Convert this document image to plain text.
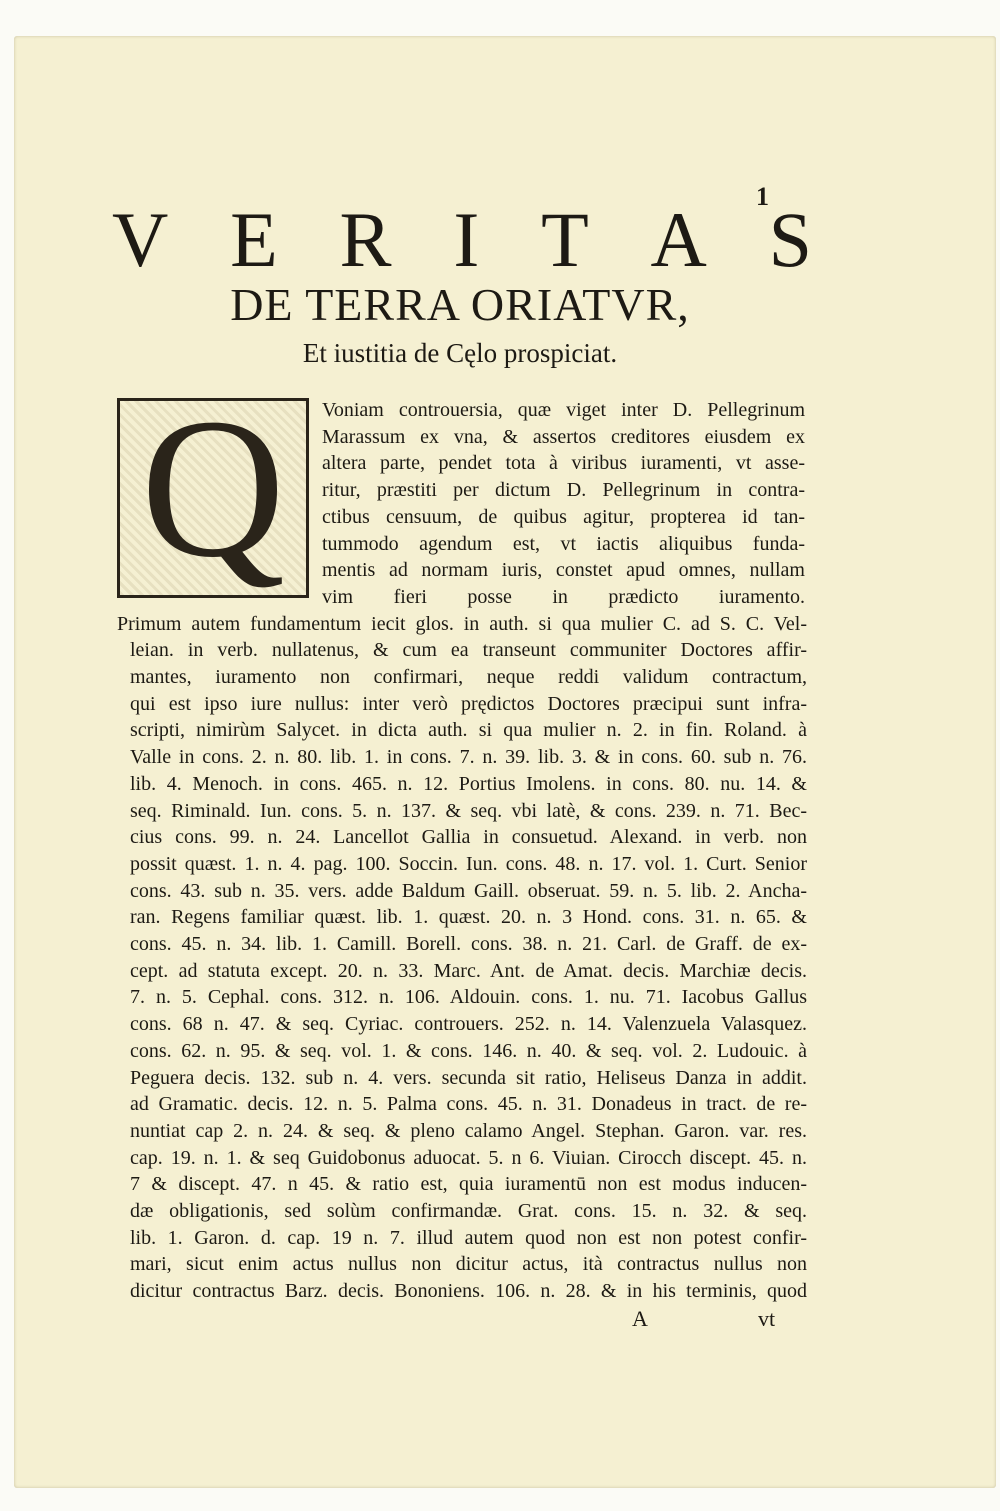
1
V E R I T A S
DE TERRA ORIATVR,
Et iustitia de Cęlo prospiciat.
Q	Voniam controuersia, quæ viget inter D. Pellegrinum
Marassum ex vna, & assertos creditores eiusdem ex
altera parte, pendet tota à viribus iuramenti, vt asse-
ritur, præstiti per dictum D. Pellegrinum in contra-
ctibus censuum, de quibus agitur, propterea id tan-
tummodo agendum est, vt iactis aliquibus funda-
mentis ad normam iuris, constet apud omnes, nullam
vim fieri posse in prædicto iuramento.
Primum autem fundamentum iecit glos. in auth. si qua mulier C. ad S. C. Vel-
leian. in verb. nullatenus, & cum ea transeunt communiter Doctores affir-
mantes, iuramento non confirmari, neque reddi validum contractum,
qui est ipso iure nullus: inter verò prędictos Doctores præcipui sunt infra-
scripti, nimirùm Salycet. in dicta auth. si qua mulier n. 2. in fin. Roland. à
Valle in cons. 2. n. 80. lib. 1. in cons. 7. n. 39. lib. 3. & in cons. 60. sub n. 76.
lib. 4. Menoch. in cons. 465. n. 12. Portius Imolens. in cons. 80. nu. 14. &
seq. Riminald. Iun. cons. 5. n. 137. & seq. vbi latè, & cons. 239. n. 71. Bec-
cius cons. 99. n. 24. Lancellot Gallia in consuetud. Alexand. in verb. non
possit quæst. 1. n. 4. pag. 100. Soccin. Iun. cons. 48. n. 17. vol. 1. Curt. Senior
cons. 43. sub n. 35. vers. adde Baldum Gaill. obseruat. 59. n. 5. lib. 2. Ancha-
ran. Regens familiar quæst. lib. 1. quæst. 20. n. 3 Hond. cons. 31. n. 65. &
cons. 45. n. 34. lib. 1. Camill. Borell. cons. 38. n. 21. Carl. de Graff. de ex-
cept. ad statuta except. 20. n. 33. Marc. Ant. de Amat. decis. Marchiæ decis.
7. n. 5. Cephal. cons. 312. n. 106. Aldouin. cons. 1. nu. 71. Iacobus Gallus
cons. 68 n. 47. & seq. Cyriac. controuers. 252. n. 14. Valenzuela Valasquez.
cons. 62. n. 95. & seq. vol. 1. & cons. 146. n. 40. & seq. vol. 2. Ludouic. à
Peguera decis. 132. sub n. 4. vers. secunda sit ratio, Heliseus Danza in addit.
ad Gramatic. decis. 12. n. 5. Palma cons. 45. n. 31. Donadeus in tract. de re-
nuntiat cap 2. n. 24. & seq. & pleno calamo Angel. Stephan. Garon. var. res.
cap. 19. n. 1. & seq Guidobonus aduocat. 5. n 6. Viuian. Cirocch discept. 45. n.
7 & discept. 47. n 45. & ratio est, quia iuramentū non est modus inducen-
dæ obligationis, sed solùm confirmandæ. Grat. cons. 15. n. 32. & seq.
lib. 1. Garon. d. cap. 19 n. 7. illud autem quod non est non potest confir-
mari, sicut enim actus nullus non dicitur actus, ità contractus nullus non
dicitur contractus Barz. decis. Bononiens. 106. n. 28. & in his terminis, quod
A	vt
